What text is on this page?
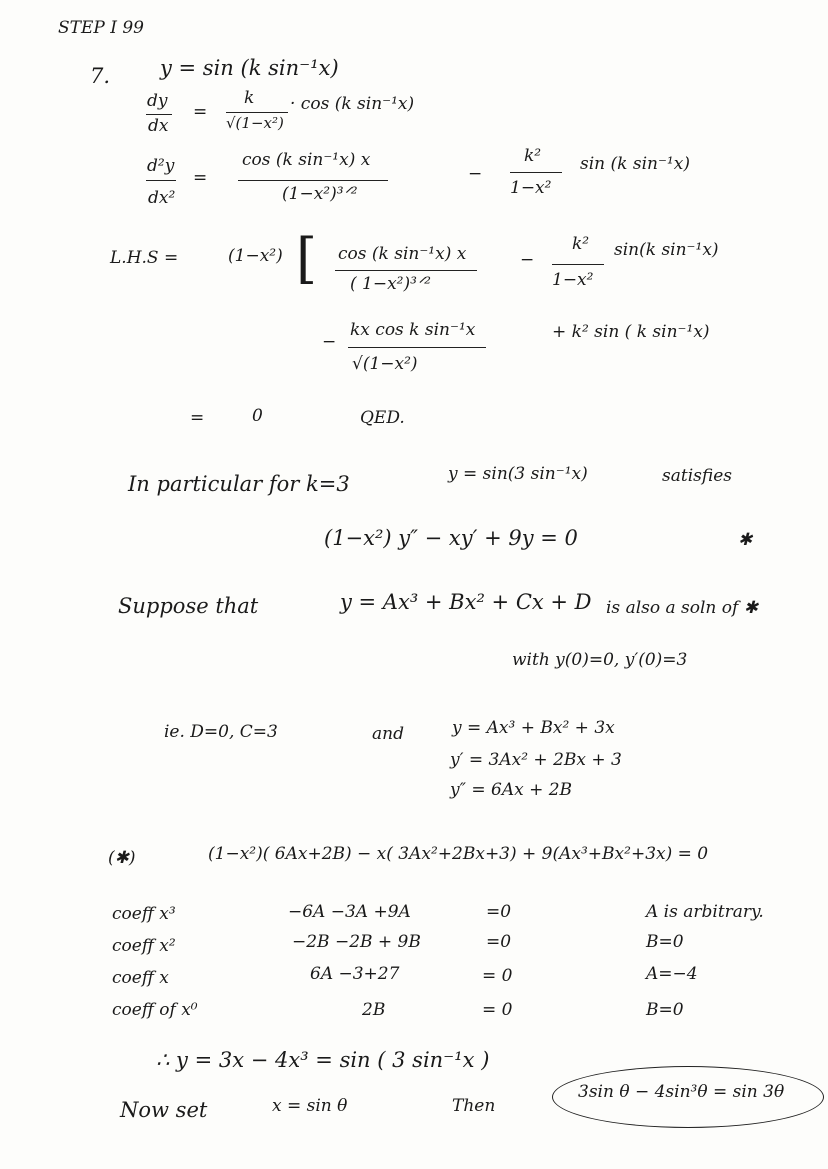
STEP I 99
7. y = sin (k sin⁻¹x)
dy
dx
=
k
√(1−x²)
· cos (k sin⁻¹x)
d²y
dx²
=
cos (k sin⁻¹x) x
(1−x²)³ᐟ²
−
k²
1−x²
sin (k sin⁻¹x)
L.H.S =	(1−x²) [ cos (k sin⁻¹x) x
( 1−x²)³ᐟ²
−
k²
1−x²
sin(k sin⁻¹x)
−
kx cos k sin⁻¹x
√(1−x²)
+ k² sin ( k sin⁻¹x)
=	0	QED.
In particular for k=3	y = sin(3 sin⁻¹x)	satisfies
(1−x²) y″ − xy′ + 9y = 0	✱
Suppose that	y = Ax³ + Bx² + Cx + D is also a soln of ✱
with y(0)=0, y′(0)=3
ie. D=0, C=3	and	y = Ax³ + Bx² + 3x
y′ = 3Ax² + 2Bx + 3
y″ = 6Ax + 2B
(✱)	(1−x²)( 6Ax+2B) − x( 3Ax²+2Bx+3) + 9(Ax³+Bx²+3x) = 0
coeff x³	−6A −3A +9A	=0	A is arbitrary.
coeff x²	−2B −2B + 9B	=0	B=0
coeff x	6A −3+27	= 0	A=−4
coeff of x⁰	2B	= 0	B=0
∴ y = 3x − 4x³ = sin ( 3 sin⁻¹x )
Now set	x = sin θ	Then
3sin θ − 4sin³θ = sin 3θ
